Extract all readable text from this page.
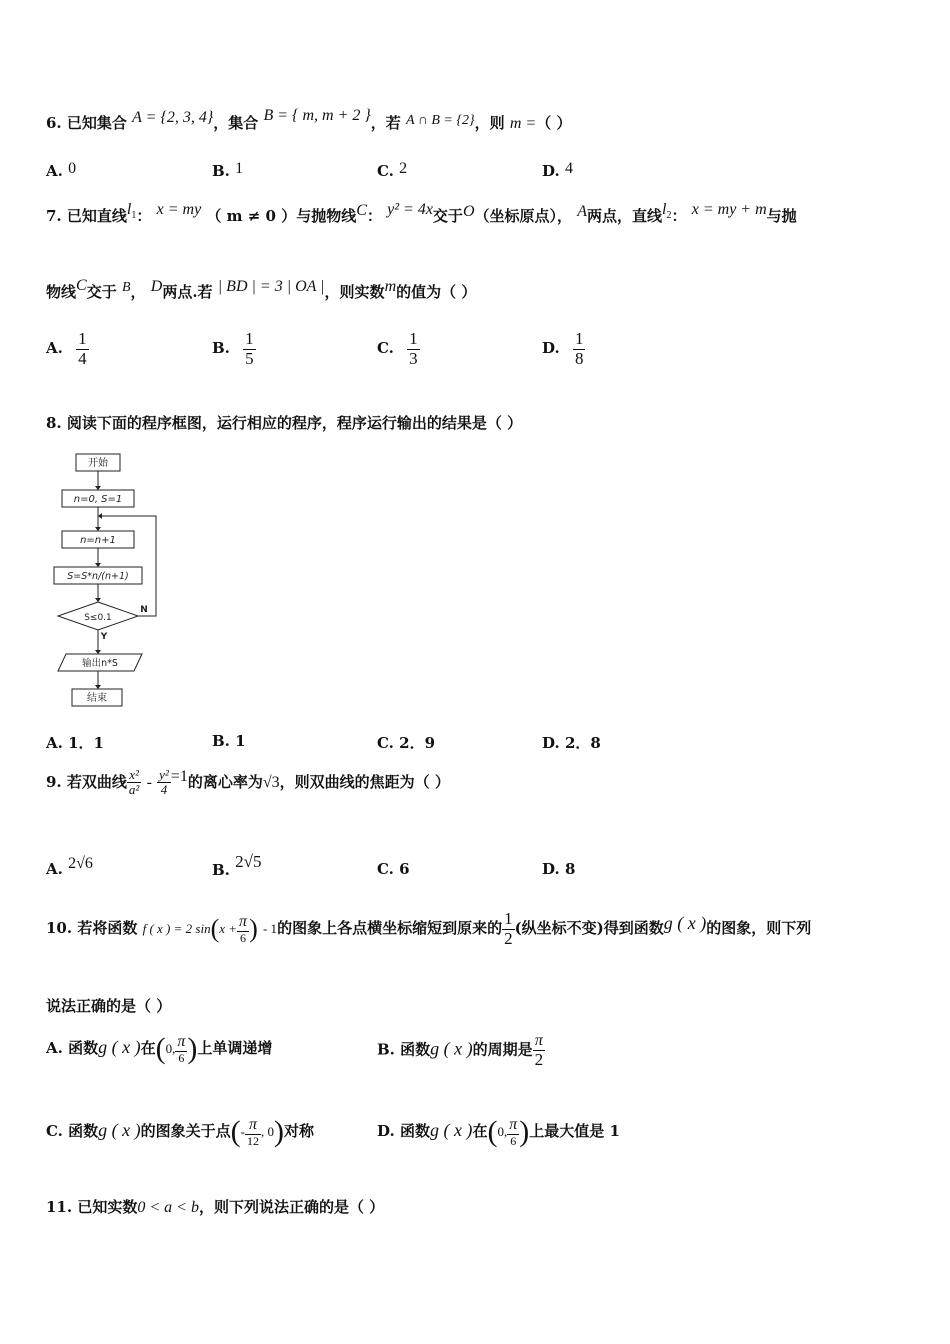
6. 已知集合 A = {2, 3, 4}，集合 B = { m, m + 2 }，若 A ∩ B = {2}，则 m =（ ）
A. 0	B. 1	C. 2	D. 4
7. 已知直线$l_1$： x = my （ m ≠ 0 ）与抛物线C： y² = 4x交于O（坐标原点）， A两点，直线$l_2$： x = my + m与抛
物线C交于 B， D两点.若 | BD | = 3 | OA |，则实数m的值为（ ）
A. $\frac{1}{4}$	B. $\frac{1}{5}$	C. $\frac{1}{3}$	D. $\frac{1}{8}$
8. 阅读下面的程序框图，运行相应的程序，程序运行输出的结果是（ ）
开始
n=0, S=1
n=n+1
S=S*n/(n+1)
S≤0.1
N
Y
输出n*S
结束
A. 1．1	B. 1	C. 2．9	D. 2．8
9. 若双曲线 $\frac{\text{x²}}{\text{a²}} - \frac{\text{y²}}{4} =1$的离心率为√3，则双曲线的焦距为（ ）
A. 2√6	B. 2√5	C. 6	D. 8
10. 若将函数 f ( x ) = 2 $\sin(x + \frac{\pi}{6}$ ) - 1的图象上各点横坐标缩短到原来的 $\frac{1}{2}$ (纵坐标不变)得到函数g ( x )的图象，则下列
说法正确的是（ ）
A. 函数g ( x )在(0, $\frac{\pi}{6}$ )上单调递增	B. 函数g ( x )的周期是 $\frac{\pi}{2}$
C. 函数g ( x )的图象关于点(- $\frac{\pi}{12}$ , 0)对称	D. 函数g ( x )在(0, $\frac{\pi}{6}$ )上最大值是 1
11. 已知实数0 < a < b，则下列说法正确的是（ ）
